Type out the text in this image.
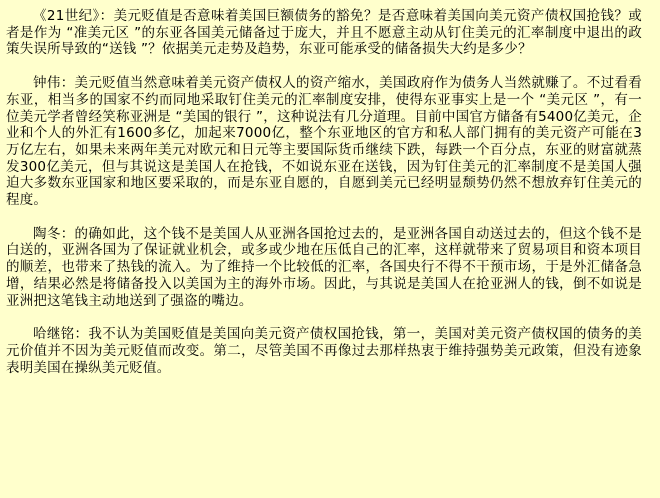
《21世纪》：美元贬值是否意味着美国巨额债务的豁免？是否意味着美国向美元资产债权国抢钱？或者是作为 “准美元区 ”的东亚各国美元储备过于庞大，并且不愿意主动从钉住美元的汇率制度中退出的政策失误所导致的“送钱 ”？依据美元走势及趋势，东亚可能承受的储备损失大约是多少？

钟伟：美元贬值当然意味着美元资产债权人的资产缩水，美国政府作为债务人当然就赚了。不过看看东亚，相当多的国家不约而同地采取钉住美元的汇率制度安排，使得东亚事实上是一个 “美元区 ”，有一位美元学者曾经笑称亚洲是 “美国的银行 ”，这种说法有几分道理。目前中国官方储备有5400亿美元，企业和个人的外汇有1600多亿，加起来7000亿，整个东亚地区的官方和私人部门拥有的美元资产可能在3万亿左右，如果未来两年美元对欧元和日元等主要国际货币继续下跌，每跌一个百分点，东亚的财富就蒸发300亿美元，但与其说这是美国人在抢钱，不如说东亚在送钱，因为钉住美元的汇率制度不是美国人强迫大多数东亚国家和地区要采取的，而是东亚自愿的，自愿到美元已经明显颓势仍然不想放弃钉住美元的程度。

陶冬：的确如此，这个钱不是美国人从亚洲各国抢过去的，是亚洲各国自动送过去的，但这个钱不是白送的，亚洲各国为了保证就业机会，或多或少地在压低自己的汇率，这样就带来了贸易项目和资本项目的顺差，也带来了热钱的流入。为了维持一个比较低的汇率，各国央行不得不干预市场，于是外汇储备急增，结果必然是将储备投入以美国为主的海外市场。因此，与其说是美国人在抢亚洲人的钱，倒不如说是亚洲把这笔钱主动地送到了强盗的嘴边。

哈继铭：我不认为美国贬值是美国向美元资产债权国抢钱，第一，美国对美元资产债权国的债务的美元价值并不因为美元贬值而改变。第二，尽管美国不再像过去那样热衷于维持强势美元政策，但没有迹象表明美国在操纵美元贬值。
